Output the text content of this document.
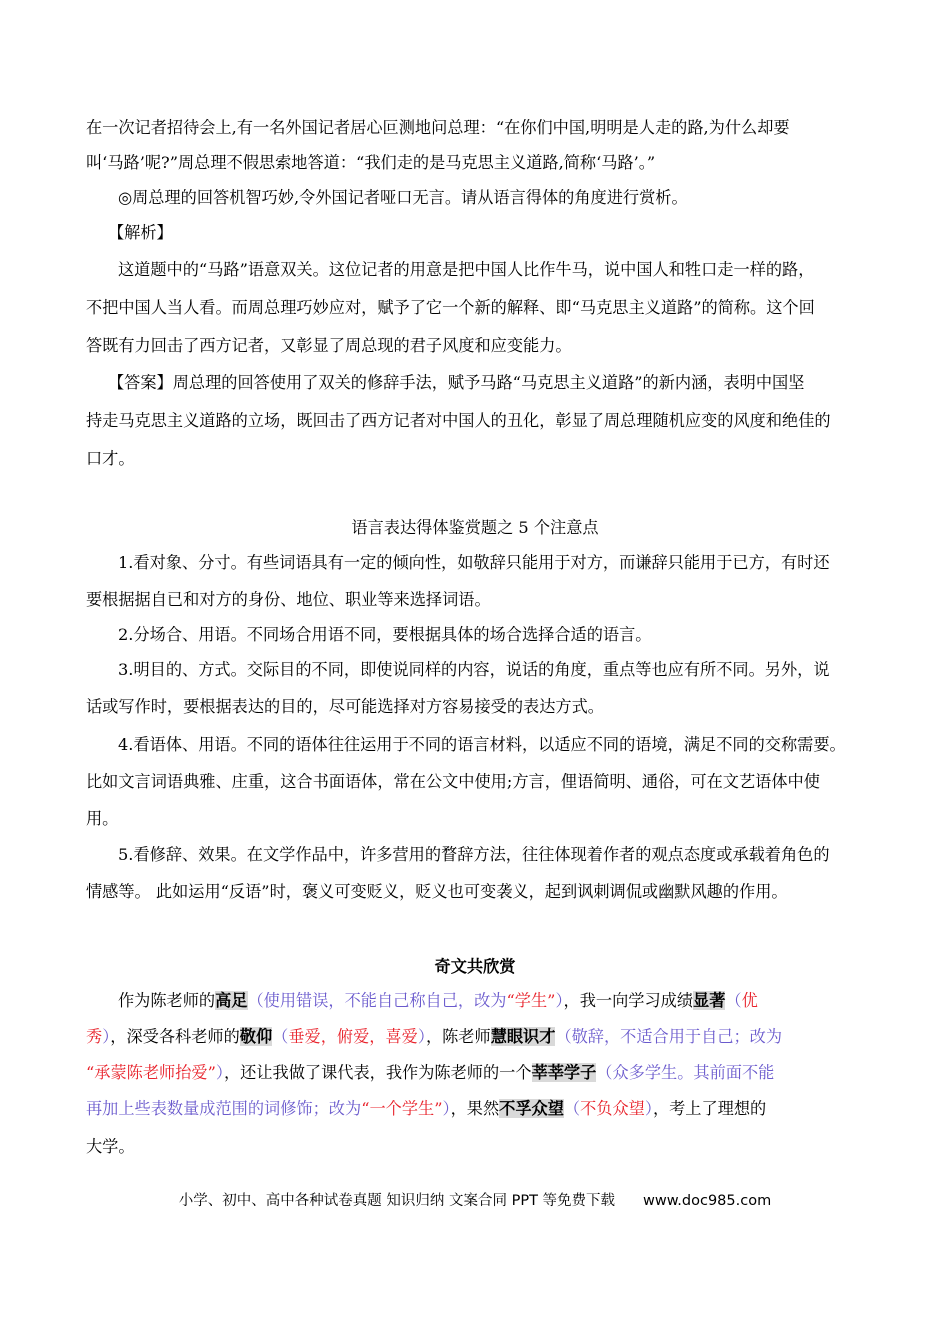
在一次记者招待会上,有一名外国记者居心叵测地问总理：“在你们中国,明明是人走的路,为什么却要
叫‘马路’呢?”周总理不假思索地答道：“我们走的是马克思主义道路,简称‘马路’。”
◎周总理的回答机智巧妙,令外国记者哑口无言。请从语言得体的角度进行赏析。
【解析】
这道题中的“马路”语意双关。这位记者的用意是把中国人比作牛马，说中国人和牲口走一样的路，
不把中国人当人看。而周总理巧妙应对，赋予了它一个新的解释、即“马克思主义道路”的简称。这个回
答既有力回击了西方记者，又彰显了周总现的君子风度和应变能力。
【答案】周总理的回答使用了双关的修辞手法，赋予马路“马克思主义道路”的新内涵，表明中国坚
持走马克思主义道路的立场，既回击了西方记者对中国人的丑化，彰显了周总理随机应变的风度和绝佳的
口才。
语言表达得体鉴赏题之 5 个注意点
1.看对象、分寸。有些词语具有一定的倾向性，如敬辞只能用于对方，而谦辞只能用于已方，有时还
要根据据自已和对方的身份、地位、职业等来选择词语。
2.分场合、用语。不同场合用语不同，要根据具体的场合选择合适的语言。
3.明目的、方式。交际目的不同，即使说同样的内容，说话的角度，重点等也应有所不同。另外，说
话或写作时，要根据表达的目的，尽可能选择对方容易接受的表达方式。
4.看语体、用语。不同的语体往往运用于不同的语言材料，以适应不同的语境，满足不同的交称需要。
比如文言词语典雅、庄重，这合书面语体，常在公文中使用;方言，俚语简明、通俗，可在文艺语体中使
用。
5.看修辞、效果。在文学作品中，许多营用的瞀辞方法，往往体现着作者的观点态度或承载着角色的
情感等。 此如运用“反语”时，褒义可变贬义，贬义也可变袭义，起到讽刺调侃或幽默风趣的作用。
奇文共欣赏
作为陈老师的高足（使用错误，不能自己称自己，改为“学生”），我一向学习成绩显著（优
秀），深受各科老师的敬仰（垂爱，俯爱，喜爱），陈老师慧眼识才（敬辞，不适合用于自己；改为
“承蒙陈老师抬爱”），还让我做了课代表，我作为陈老师的一个莘莘学子（众多学生。其前面不能
再加上些表数量成范围的词修饰；改为“一个学生”），果然不孚众望（不负众望），考上了理想的
大学。
小学、初中、高中各种试卷真题 知识归纳 文案合同 PPT 等免费下载 www.doc985.com
